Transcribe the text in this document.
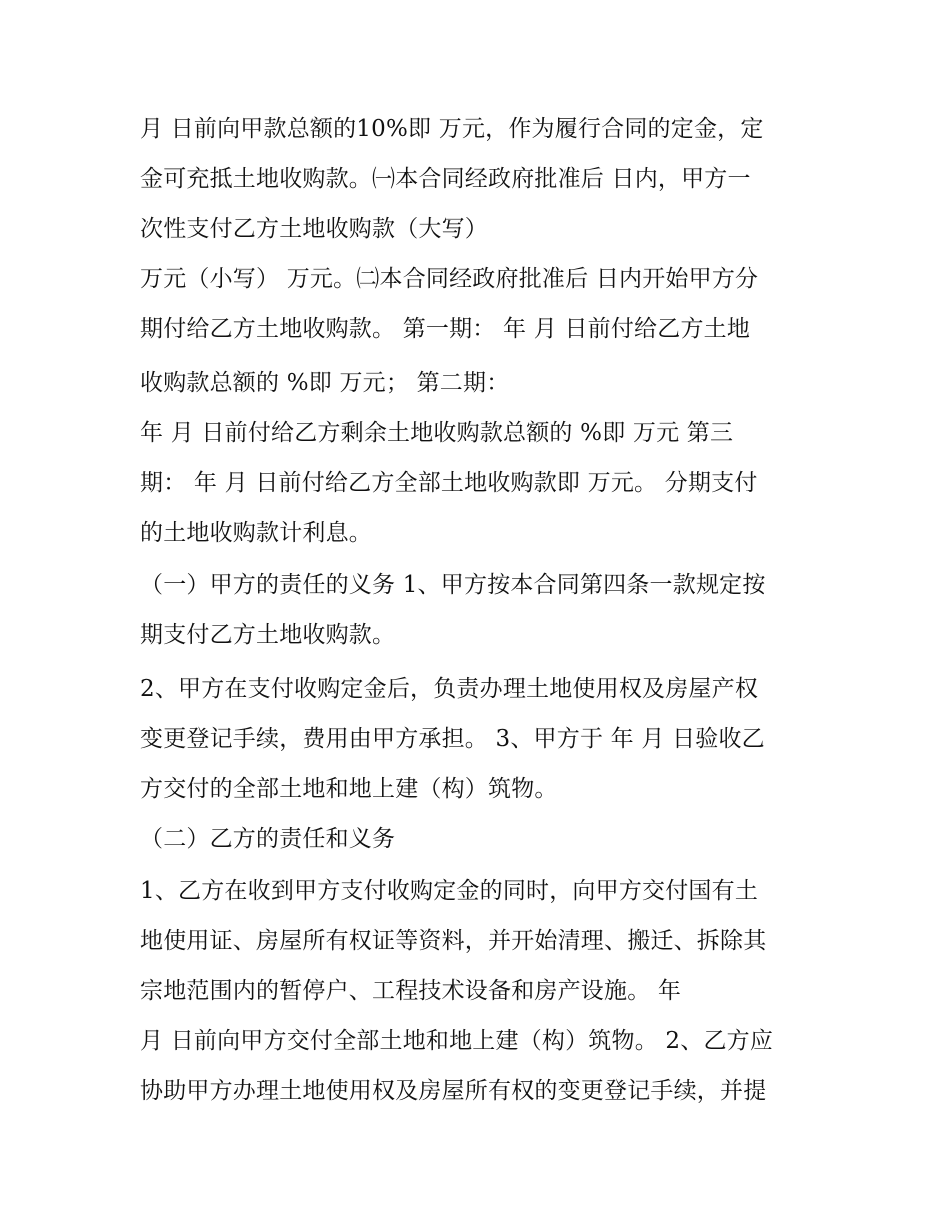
月 日前向甲款总额的10%即 万元，作为履行合同的定金，定
金可充抵土地收购款。㈠本合同经政府批准后 日内，甲方一
次性支付乙方土地收购款（大写）
万元（小写） 万元。㈡本合同经政府批准后 日内开始甲方分
期付给乙方土地收购款。 第一期： 年 月 日前付给乙方土地
收购款总额的 %即 万元； 第二期：
年 月 日前付给乙方剩余土地收购款总额的 %即 万元 第三
期： 年 月 日前付给乙方全部土地收购款即 万元。 分期支付
的土地收购款计利息。
（一）甲方的责任的义务 1、甲方按本合同第四条一款规定按
期支付乙方土地收购款。
2、甲方在支付收购定金后，负责办理土地使用权及房屋产权
变更登记手续，费用由甲方承担。 3、甲方于 年 月 日验收乙
方交付的全部土地和地上建（构）筑物。
（二）乙方的责任和义务
1、乙方在收到甲方支付收购定金的同时，向甲方交付国有土
地使用证、房屋所有权证等资料，并开始清理、搬迁、拆除其
宗地范围内的暂停户、工程技术设备和房产设施。 年
月 日前向甲方交付全部土地和地上建（构）筑物。 2、乙方应
协助甲方办理土地使用权及房屋所有权的变更登记手续，并提
